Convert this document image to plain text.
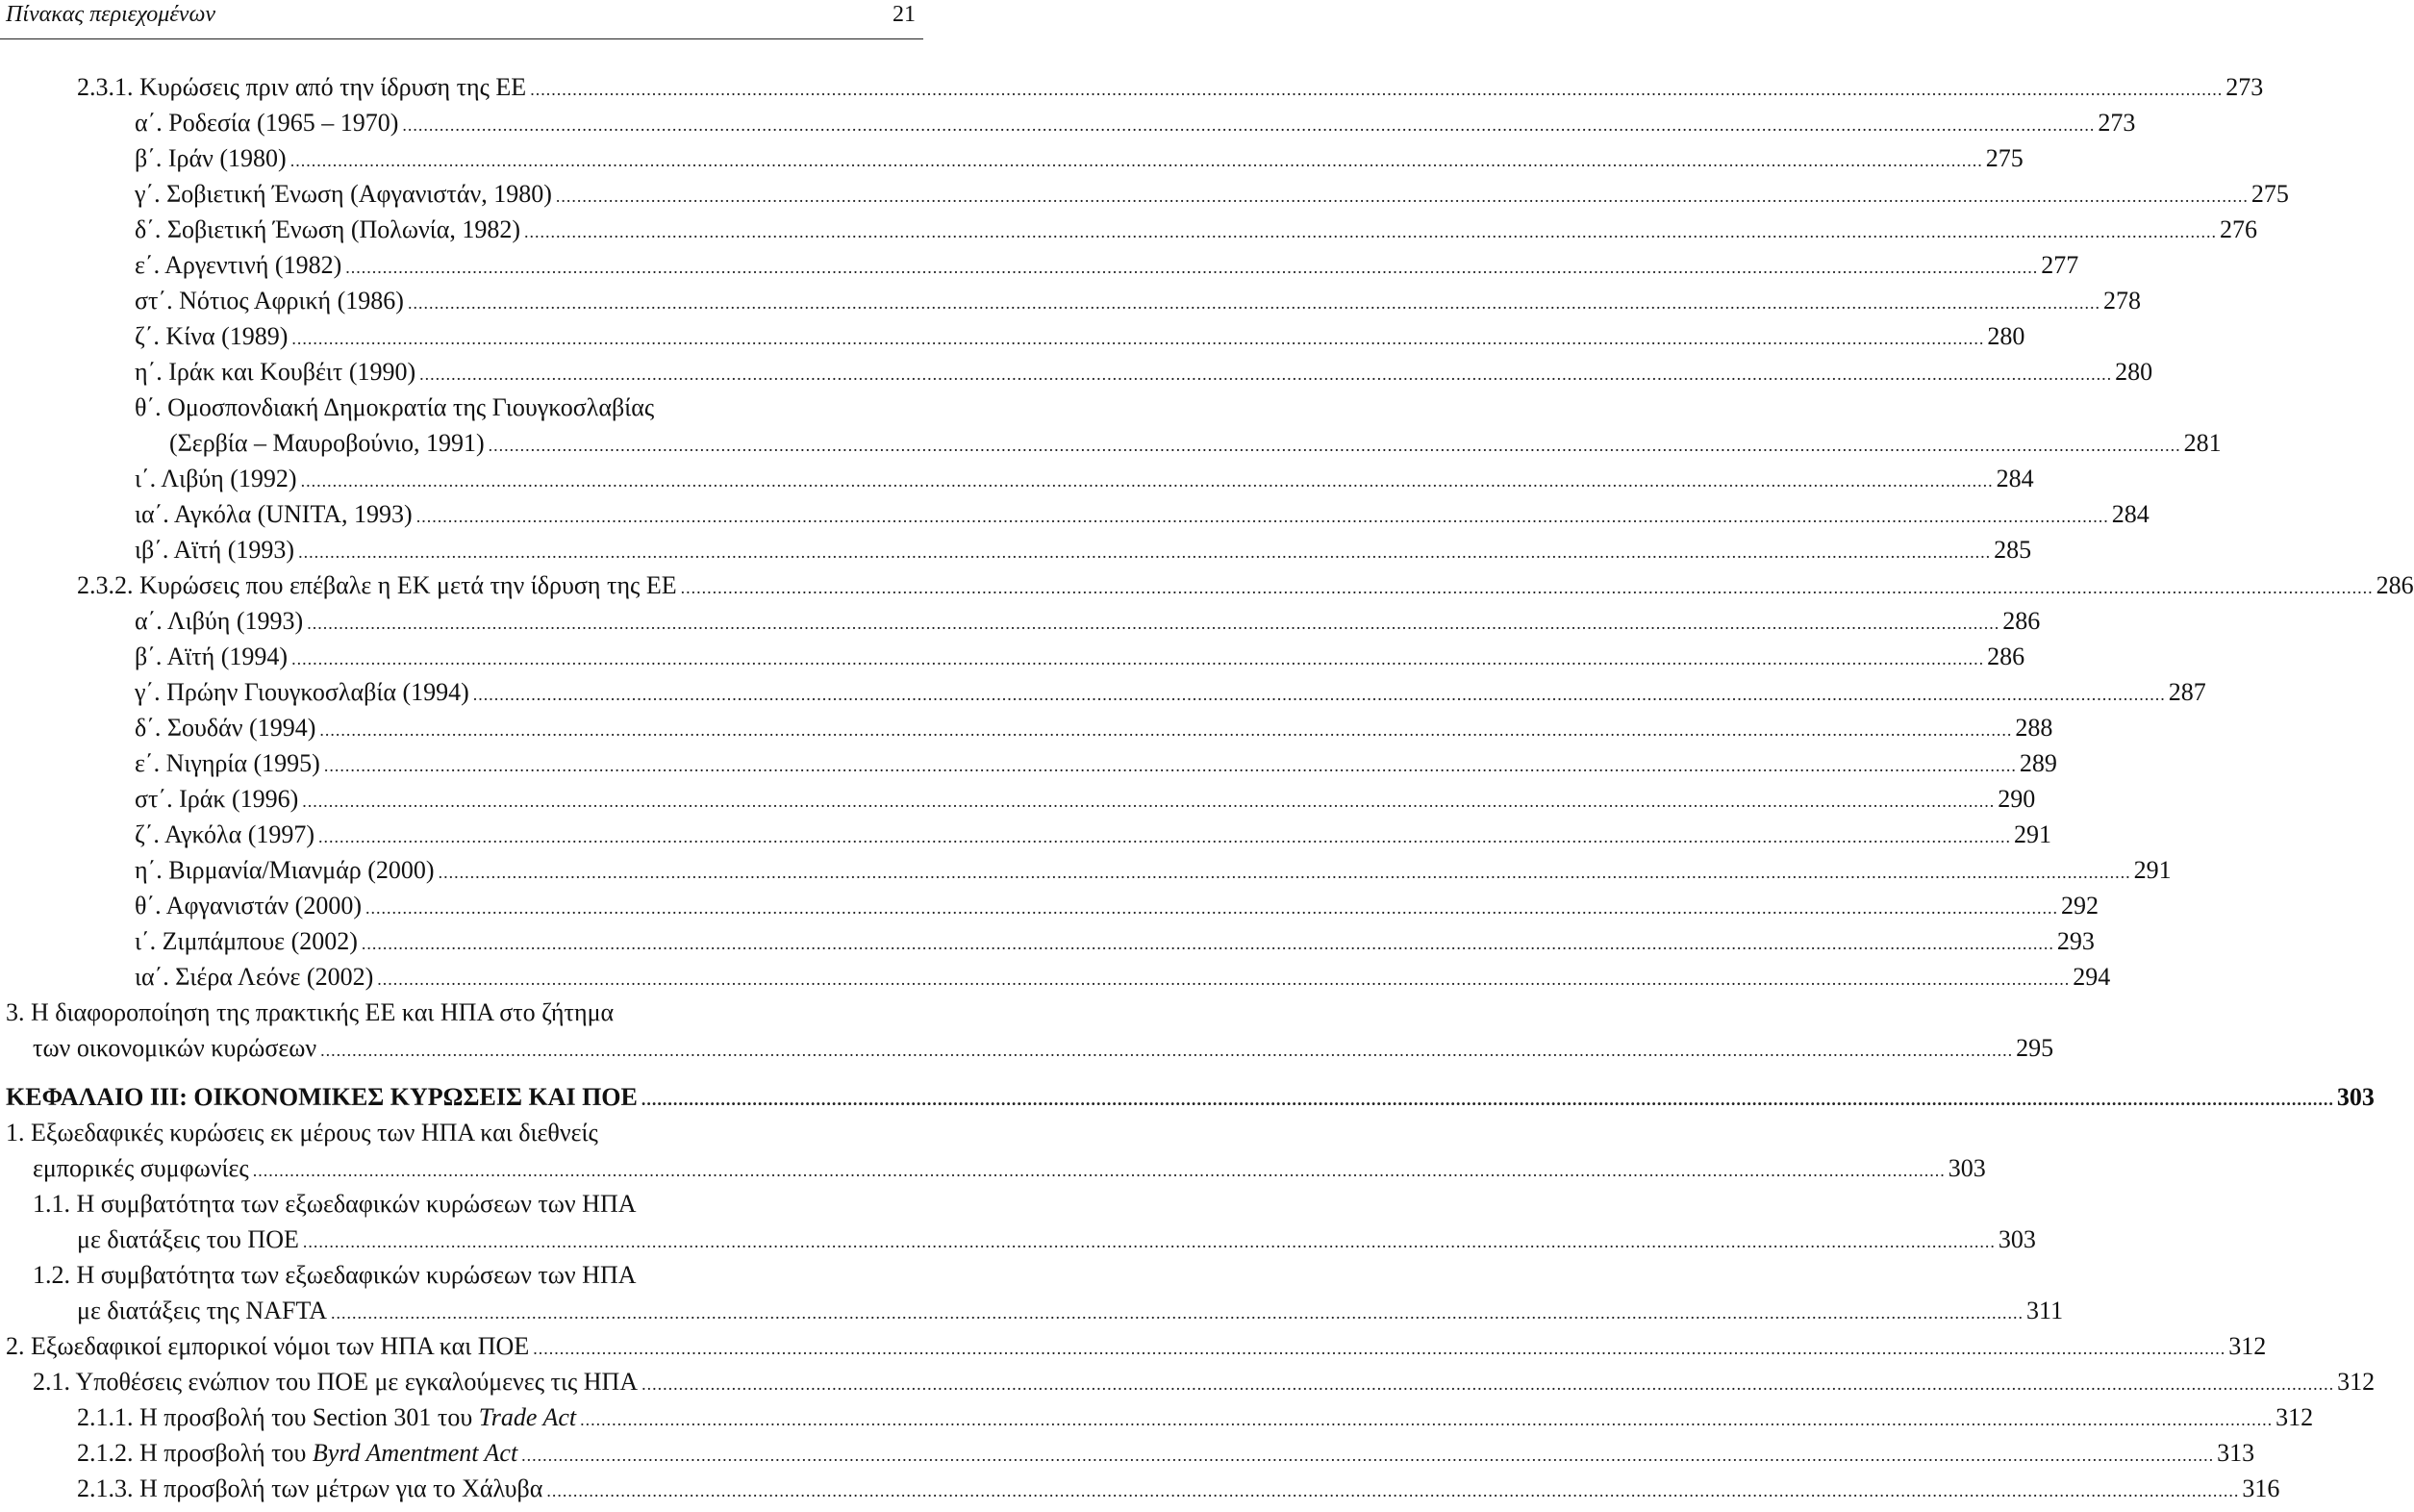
Πίνακας περιεχομένων	21
2.3.1. Κυρώσεις πριν από την ίδρυση της ΕΕ ................................................................................................................................................................................................................................................................................................................................ 273
α΄. Ροδεσία (1965 – 1970) ................................................................................................................................................................................................................................................................................................................................ 273
β΄. Ιράν (1980) ................................................................................................................................................................................................................................................................................................................................ 275
γ΄. Σοβιετική Ένωση (Αφγανιστάν, 1980) ................................................................................................................................................................................................................................................................................................................................ 275
δ΄. Σοβιετική Ένωση (Πολωνία, 1982) ................................................................................................................................................................................................................................................................................................................................ 276
ε΄. Αργεντινή (1982) ................................................................................................................................................................................................................................................................................................................................ 277
στ΄. Νότιος Αφρική (1986) ................................................................................................................................................................................................................................................................................................................................ 278
ζ΄. Κίνα (1989) ................................................................................................................................................................................................................................................................................................................................ 280
η΄. Ιράκ και Κουβέιτ (1990) ................................................................................................................................................................................................................................................................................................................................ 280
θ΄. Ομοσπονδιακή Δημοκρατία της Γιουγκοσλαβίας
(Σερβία – Μαυροβούνιο, 1991) ................................................................................................................................................................................................................................................................................................................................ 281
ι΄. Λιβύη (1992) ................................................................................................................................................................................................................................................................................................................................ 284
ια΄. Αγκόλα (UNITA, 1993) ................................................................................................................................................................................................................................................................................................................................ 284
ιβ΄. Αϊτή (1993) ................................................................................................................................................................................................................................................................................................................................ 285
2.3.2. Κυρώσεις που επέβαλε η ΕΚ μετά την ίδρυση της ΕΕ ................................................................................................................................................................................................................................................................................................................................ 286
α΄. Λιβύη (1993) ................................................................................................................................................................................................................................................................................................................................ 286
β΄. Αϊτή (1994) ................................................................................................................................................................................................................................................................................................................................ 286
γ΄. Πρώην Γιουγκοσλαβία (1994) ................................................................................................................................................................................................................................................................................................................................ 287
δ΄. Σουδάν (1994) ................................................................................................................................................................................................................................................................................................................................ 288
ε΄. Νιγηρία (1995) ................................................................................................................................................................................................................................................................................................................................ 289
στ΄. Ιράκ (1996) ................................................................................................................................................................................................................................................................................................................................ 290
ζ΄. Αγκόλα (1997) ................................................................................................................................................................................................................................................................................................................................ 291
η΄. Βιρμανία/Μιανμάρ (2000) ................................................................................................................................................................................................................................................................................................................................ 291
θ΄. Αφγανιστάν (2000) ................................................................................................................................................................................................................................................................................................................................ 292
ι΄. Ζιμπάμπουε (2002) ................................................................................................................................................................................................................................................................................................................................ 293
ια΄. Σιέρα Λεόνε (2002) ................................................................................................................................................................................................................................................................................................................................ 294
3. Η διαφοροποίηση της πρακτικής ΕΕ και ΗΠΑ στο ζήτημα
των οικονομικών κυρώσεων ................................................................................................................................................................................................................................................................................................................................ 295
ΚΕΦΑΛΑΙΟ ΙΙΙ: ΟΙΚΟΝΟΜΙΚΕΣ ΚΥΡΩΣΕΙΣ ΚΑΙ ΠΟΕ ................................................................................................................................................................................................................................................................................................................................ 303
1. Εξωεδαφικές κυρώσεις εκ μέρους των ΗΠΑ και διεθνείς
εμπορικές συμφωνίες ................................................................................................................................................................................................................................................................................................................................ 303
1.1. Η συμβατότητα των εξωεδαφικών κυρώσεων των ΗΠΑ
με διατάξεις του ΠΟΕ ................................................................................................................................................................................................................................................................................................................................ 303
1.2. Η συμβατότητα των εξωεδαφικών κυρώσεων των ΗΠΑ
με διατάξεις της NAFTA ................................................................................................................................................................................................................................................................................................................................ 311
2. Εξωεδαφικοί εμπορικοί νόμοι των ΗΠΑ και ΠΟΕ ................................................................................................................................................................................................................................................................................................................................ 312
2.1. Υποθέσεις ενώπιον του ΠΟΕ με εγκαλούμενες τις ΗΠΑ ................................................................................................................................................................................................................................................................................................................................ 312
2.1.1. Η προσβολή του Section 301 του Trade Act ................................................................................................................................................................................................................................................................................................................................ 312
2.1.2. Η προσβολή του Byrd Amentment Act ................................................................................................................................................................................................................................................................................................................................ 313
2.1.3. Η προσβολή των μέτρων για το Χάλυβα ................................................................................................................................................................................................................................................................................................................................ 316
